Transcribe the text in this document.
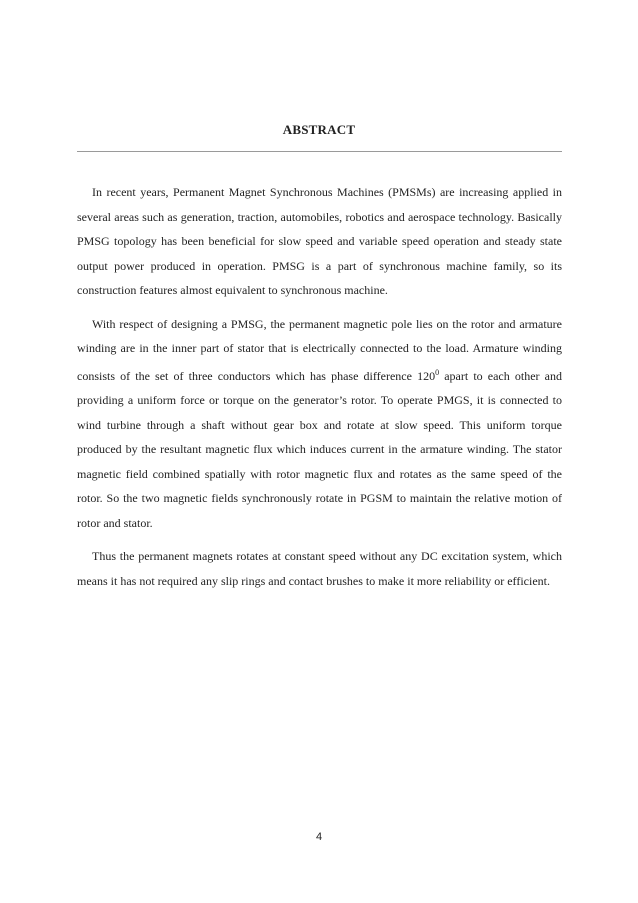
ABSTRACT

In recent years, Permanent Magnet Synchronous Machines (PMSMs) are increasing applied in several areas such as generation, traction, automobiles, robotics and aerospace technology. Basically PMSG topology has been beneficial for slow speed and variable speed operation and steady state output power produced in operation. PMSG is a part of synchronous machine family, so its construction features almost equivalent to synchronous machine.

With respect of designing a PMSG, the permanent magnetic pole lies on the rotor and armature winding are in the inner part of stator that is electrically connected to the load. Armature winding consists of the set of three conductors which has phase difference $120^0$ apart to each other and providing a uniform force or torque on the generator’s rotor. To operate PMGS, it is connected to wind turbine through a shaft without gear box and rotate at slow speed. This uniform torque produced by the resultant magnetic flux which induces current in the armature winding. The stator magnetic field combined spatially with rotor magnetic flux and rotates as the same speed of the rotor. So the two magnetic fields synchronously rotate in PGSM to maintain the relative motion of rotor and stator.

Thus the permanent magnets rotates at constant speed without any DC excitation system, which means it has not required any slip rings and contact brushes to make it more reliability or efficient.

4
